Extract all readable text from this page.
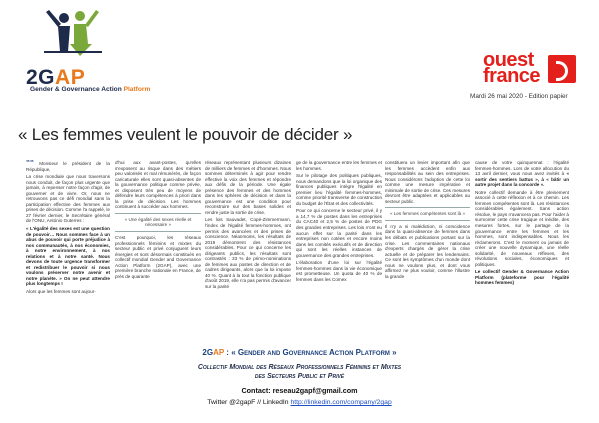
2GAP
Gender & Governance Action Platform
ouest
france
Mardi 26 mai 2020 - Edition papier
« Les femmes veulent le pouvoir de décider »

““ Monsieur le président de la République,

La crise mondiale que nous traversons nous conduit, de façon plus urgente que jamais, à repenser notre façon d'agir, de gouverner et de vivre. Or, nous ne retrouvons pas ce défi mondial sans la participation effective des femmes aux prises de décision. Comme l'a rappelé, le 27 février dernier, le Secrétaire général de l'ONU, António Guterres :

« L'égalité des sexes est une question de pouvoir… Nous sommes face à un abus de pouvoir qui porte préjudice à nos communautés, à nos économies, à notre environnement, à nos relations et à notre santé. Nous devons de toute urgence transformer et redistribuer le pouvoir si nous voulons préserver notre avenir et notre planète. » On ne peut attendre plus longtemps !

Alors que les femmes sont aujour-

d'hui aux avant-postes, qu'elles s'exposent au risque dans des métiers peu valorisés et mal rémunérés, de façon caricaturale elles sont quasi-absentes de la gouvernance politique comme privée, et disposent très peu de moyens de défendre leurs compétences à priori dans la prise de décision. Les hommes continuent à succéder aux hommes.

« Une égalité des sexes réelle et nécessaire »

C'est pourquoi, les réseaux professionnels féminins et mixtes du secteur public et privé conjuguent leurs énergies et sont désormais constitués en collectif mondial Gender and Governance Action Platform (2GAP), avec une première branche nationale en France, de près de quarante

réseaux représentant plusieurs dizaines de milliers de femmes et d'hommes. Nous sommes déterminés à agir pour rendre effective la voix des femmes et répondre aux défis de la période. Une égale présence des femmes et des hommes dans les sphères de décision et dans la gouvernance est une condition pour reconstruire sur des bases solides et rendre juste la sortie de crise.

Les lois Sauvadet, Copé-Zimmermann, l'index de l'égalité femmes-hommes, ont permis des avancées et des prises de conscience. Néanmoins, les résultats de 2019 démontrent des résistances considérables. Pour ce qui concerne les dirigeants publics, les résultats sont contrastés : 33 % de primo-nominations de femmes aux postes de direction et de cadres dirigeants, alors que la loi impose 40 %. Quant à la tout la fonction publique d'août 2019, elle n'a pas permis d'avancer sur la parité

ge de la gouvernance entre les femmes et les hommes.

Sur le pilotage des politiques publiques, nous demandons que la loi organique des finances publiques intègre l'égalité en premier lieu l'égalité femmes-hommes, comme priorité transverse de construction du budget de l'État et des collectivités.

Pour ce qui concerne le secteur privé, il y a 14,7 % de postes dans les entreprises du CAC40 et 2,5 % de postes de PDG des grandes entreprises. Les lois n'ont eu aucun effet sur la parité dans les entreprises non cotées et encore moins dans les comités exécutifs et de direction qui sont les réelles instances de gouvernance des grandes entreprises.

L'élaboration d'une loi sur l'égalité femmes-hommes dans la vie économique est prometteuse. Un quota de 40 % de femmes dans les Comex

constituera un levier important afin que les femmes accèdent enfin aux responsabilités au sein des entreprises. Nous considérons l'adoption de cette loi comme une mesure impérative et minimale de sortie de crise. Ces mesures devront être adaptées et applicables au secteur public.

« Les femmes compétentes sont là »

Il n'y a ni malédiction, ni coïncidence dans la quasi-absence de femmes dans les débats et publications portant sur la crise. Les commentaires nationaux d'experts chargés de gérer la crise actuelle et de préparer les lendemains. Ce sont les symptômes d'un monde dont nous ne voulons plus, et dont vous affirmez ne plus vouloir, comme l'illustre la grande

cause de votre quinquennat : l'égalité femmes-hommes. Lors de votre allocution du 13 avril dernier, vous nous avez invités à « sortir des sentiers battus », à « bâtir un autre projet dans la concorde ».

Notre collectif demande à être pleinement associé à cette réflexion et à ce chemin. Les femmes compétentes sont là. Les résistances considérables également. Sans action résolue, le pays n'avancera pas. Pour l'aider à surmonter cette crise tragique et inédite, des mesures fortes, sur le partage de la gouvernance entre les femmes et les hommes, sont indispensables. Nous les réclamerons. C'est le moment ou jamais de créer une nouvelle dynamique, une réelle solidarité, de nouveaux réflexes, des révolutions sociales, économiques et politiques.

Le collectif Gender & Governance Action Platform (plateforme pour l'égalité hommes femmes)

2GAP : « Gender and Governance Action Platform »
Collectif Mondial des Réseaux Professionnels Féminins et Mixtes
des Secteurs Public et Privé
Contact: reseau2gapf@gmail.com
Twitter @2gapF // LinkedIn http://linkedin.com/company/2gap
